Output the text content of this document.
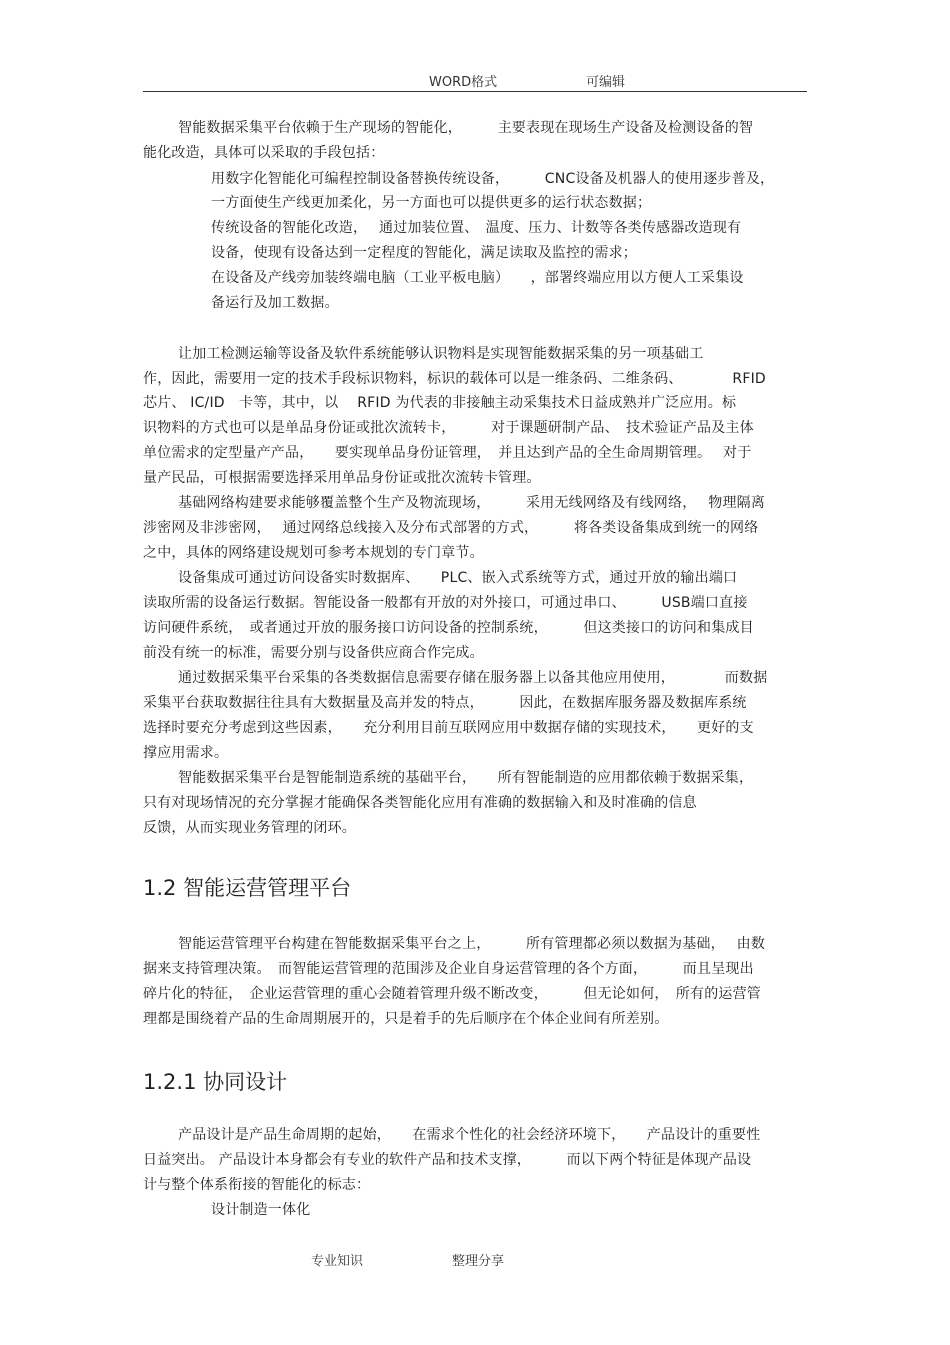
WORD格式	可编辑
智能数据采集平台依赖于生产现场的智能化，　　　主要表现在现场生产设备及检测设备的智
能化改造，具体可以采取的手段包括：
用数字化智能化可编程控制设备替换传统设备，　　　CNC设备及机器人的使用逐步普及，
一方面使生产线更加柔化，另一方面也可以提供更多的运行状态数据；
传统设备的智能化改造，　 通过加装位置、　温度、压力、计数等各类传感器改造现有
设备，使现有设备达到一定程度的智能化，满足读取及监控的需求；
在设备及产线旁加装终端电脑（工业平板电脑）　　，部署终端应用以方便人工采集设
备运行及加工数据。
让加工检测运输等设备及软件系统能够认识物料是实现智能数据采集的另一项基础工
作，因此，需要用一定的技术手段标识物料，标识的载体可以是一维条码、二维条码、　　　　RFID
芯片、 IC/ID　卡等，其中，以　 RFID 为代表的非接触主动采集技术日益成熟并广泛应用。标
识物料的方式也可以是单品身份证或批次流转卡，　　　对于课题研制产品、　技术验证产品及主体
单位需求的定型量产产品，　　要实现单品身份证管理，　并且达到产品的全生命周期管理。　 对于
量产民品，可根据需要选择采用单品身份证或批次流转卡管理。
基础网络构建要求能够覆盖整个生产及物流现场，　　　采用无线网络及有线网络，　 物理隔离
涉密网及非涉密网，　 通过网络总线接入及分布式部署的方式，　　　将各类设备集成到统一的网络
之中，具体的网络建设规划可参考本规划的专门章节。
设备集成可通过访问设备实时数据库、　　PLC、嵌入式系统等方式，通过开放的输出端口
读取所需的设备运行数据。智能设备一般都有开放的对外接口，可通过串口、　　　USB端口直接
访问硬件系统，　或者通过开放的服务接口访问设备的控制系统，　　　但这类接口的访问和集成目
前没有统一的标准，需要分别与设备供应商合作完成。
通过数据采集平台采集的各类数据信息需要存储在服务器上以备其他应用使用，　　　　而数据
采集平台获取数据往往具有大数据量及高并发的特点，　　　因此，在数据库服务器及数据库系统
选择时要充分考虑到这些因素，　　充分利用目前互联网应用中数据存储的实现技术，　　更好的支
撑应用需求。
智能数据采集平台是智能制造系统的基础平台，　　所有智能制造的应用都依赖于数据采集，
只有对现场情况的充分掌握才能确保各类智能化应用有准确的数据输入和及时准确的信息
反馈，从而实现业务管理的闭环。
1.2 智能运营管理平台
智能运营管理平台构建在智能数据采集平台之上，　　　所有管理都必须以数据为基础，　 由数
据来支持管理决策。　而智能运营管理的范围涉及企业自身运营管理的各个方面，　　　而且呈现出
碎片化的特征，　企业运营管理的重心会随着管理升级不断改变，　　　但无论如何，　所有的运营管
理都是围绕着产品的生命周期展开的，只是着手的先后顺序在个体企业间有所差别。
1.2.1 协同设计
产品设计是产品生命周期的起始，　　在需求个性化的社会经济环境下，　　产品设计的重要性
日益突出。 产品设计本身都会有专业的软件产品和技术支撑，　　　而以下两个特征是体现产品设
计与整个体系衔接的智能化的标志：
设计制造一体化
专业知识	整理分享
